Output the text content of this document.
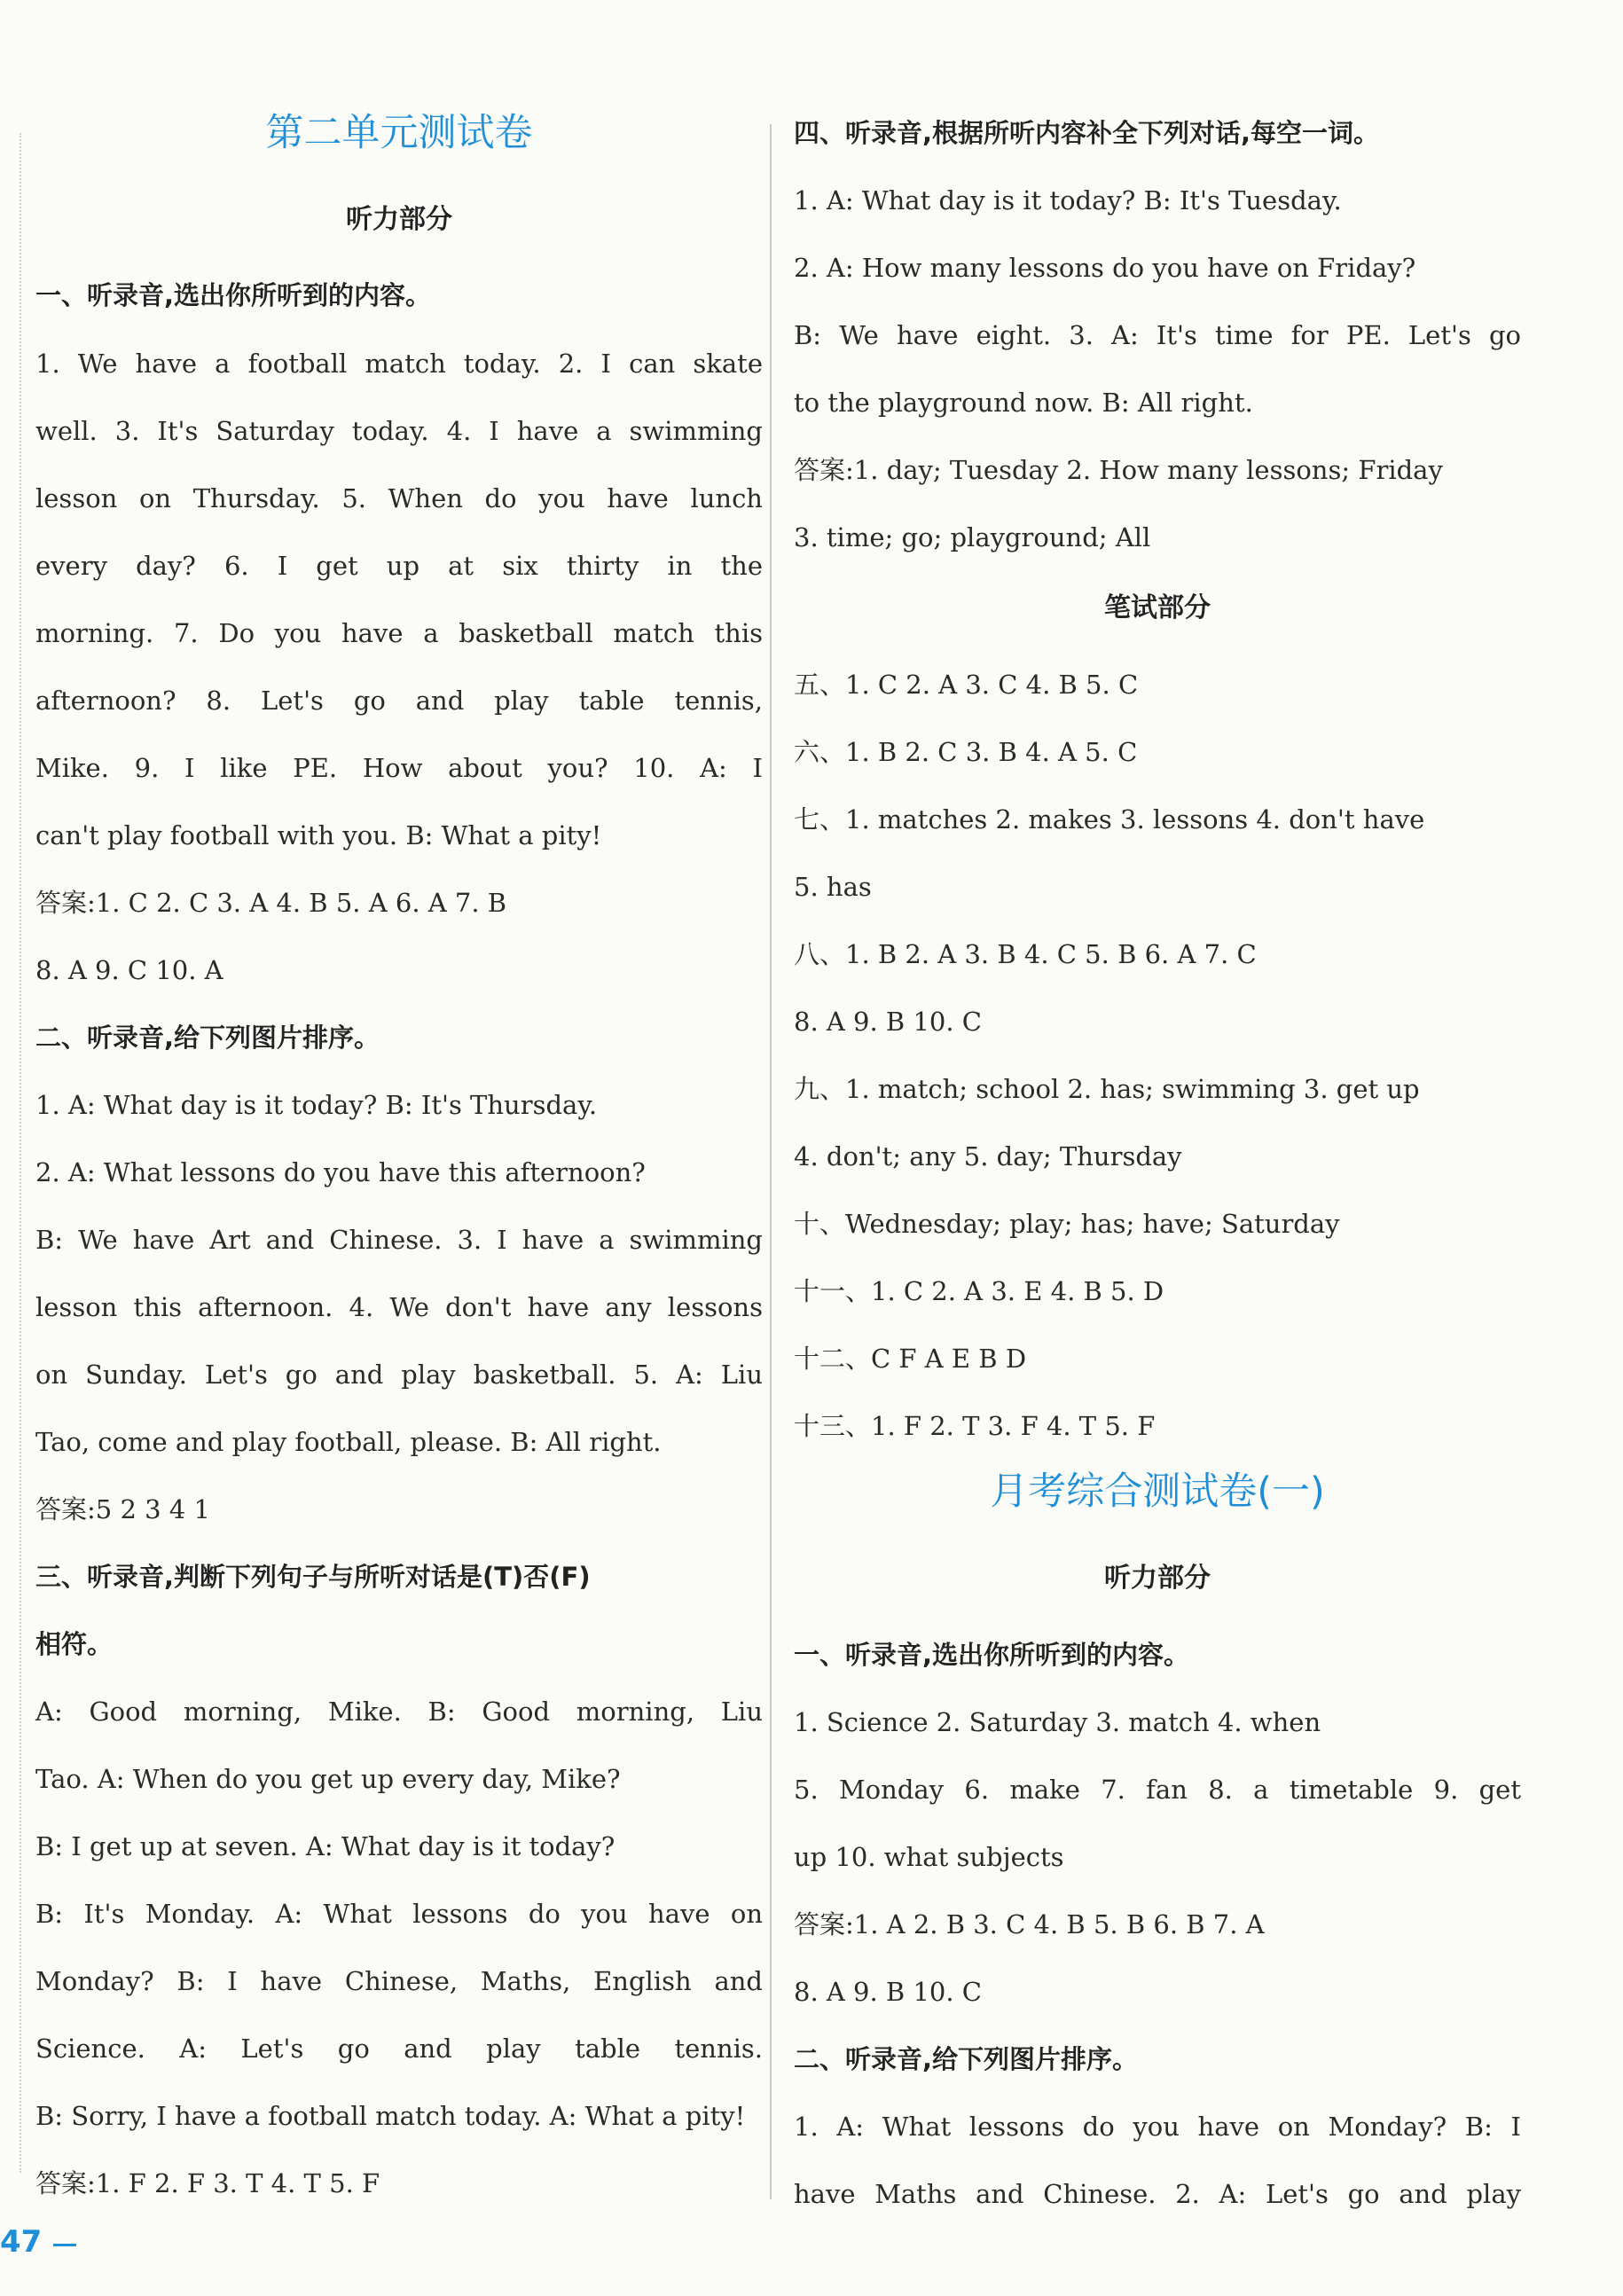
第二单元测试卷
听力部分
一、听录音,选出你所听到的内容。
1. We have a football match today. 2. I can skate
well. 3. It's Saturday today. 4. I have a swimming
lesson on Thursday. 5. When do you have lunch
every day? 6. I get up at six thirty in the
morning. 7. Do you have a basketball match this
afternoon? 8. Let's go and play table tennis,
Mike. 9. I like PE. How about you? 10. A: I
can't play football with you. B: What a pity!
答案:1. C 2. C 3. A 4. B 5. A 6. A 7. B
8. A 9. C 10. A
二、听录音,给下列图片排序。
1. A: What day is it today? B: It's Thursday.
2. A: What lessons do you have this afternoon?
B: We have Art and Chinese. 3. I have a swimming
lesson this afternoon. 4. We don't have any lessons
on Sunday. Let's go and play basketball. 5. A: Liu
Tao, come and play football, please. B: All right.
答案:5 2 3 4 1
三、听录音,判断下列句子与所听对话是(T)否(F)
相符。
A: Good morning, Mike. B: Good morning, Liu
Tao. A: When do you get up every day, Mike?
B: I get up at seven. A: What day is it today?
B: It's Monday. A: What lessons do you have on
Monday? B: I have Chinese, Maths, English and
Science. A: Let's go and play table tennis.
B: Sorry, I have a football match today. A: What a pity!
答案:1. F 2. F 3. T 4. T 5. F
47
四、听录音,根据所听内容补全下列对话,每空一词。
1. A: What day is it today? B: It's Tuesday.
2. A: How many lessons do you have on Friday?
B: We have eight. 3. A: It's time for PE. Let's go
to the playground now. B: All right.
答案:1. day; Tuesday 2. How many lessons; Friday
3. time; go; playground; All
笔试部分
五、1. C 2. A 3. C 4. B 5. C
六、1. B 2. C 3. B 4. A 5. C
七、1. matches 2. makes 3. lessons 4. don't have
5. has
八、1. B 2. A 3. B 4. C 5. B 6. A 7. C
8. A 9. B 10. C
九、1. match; school 2. has; swimming 3. get up
4. don't; any 5. day; Thursday
十、Wednesday; play; has; have; Saturday
十一、1. C 2. A 3. E 4. B 5. D
十二、C F A E B D
十三、1. F 2. T 3. F 4. T 5. F
月考综合测试卷(一)
听力部分
一、听录音,选出你所听到的内容。
1. Science 2. Saturday 3. match 4. when
5. Monday 6. make 7. fan 8. a timetable 9. get
up 10. what subjects
答案:1. A 2. B 3. C 4. B 5. B 6. B 7. A
8. A 9. B 10. C
二、听录音,给下列图片排序。
1. A: What lessons do you have on Monday? B: I
have Maths and Chinese. 2. A: Let's go and play
